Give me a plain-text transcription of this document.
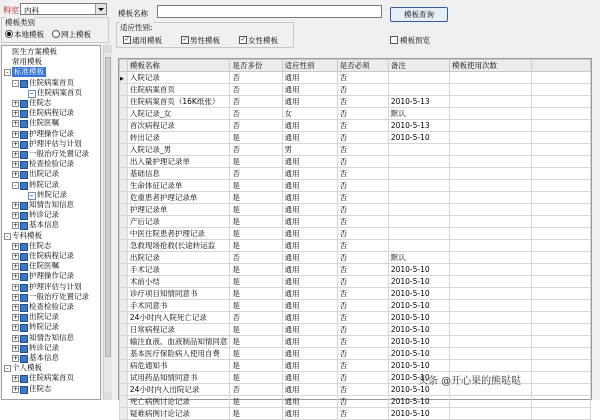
科室 内科
模板类别
本地模板 网上模板
医生方案模板
常用模板
- 标准模板
-	住院病案首页
住院病案首页
+ 住院志
+ 住院病程记录
+ 住院医嘱
+ 护理操作记录
+ 护理评估与计划
+ 一般治疗处置记录
+ 检查检验记录
+ 出院记录
-	转院记录
转院记录
+ 知情告知信息
+ 转诊记录
+ 基本信息
- 专科模板
+ 住院志
+ 住院病程记录
+ 住院医嘱
+ 护理操作记录
+ 护理评估与计划
+ 一般治疗处置记录
+ 检查检验记录
+ 出院记录
+ 转院记录
+ 知情告知信息
+ 转诊记录
+ 基本信息
- 个人模板
+ 住院病案首页
+ 住院志
模板名称	模板查询
适应性别:
✓ 通用模板	✓ 男性模板	✓ 女性模板	模板预览
	模板名称	是否多份	适应性别	是否必须	备注	模板使用次数	
▶	入院记录	否	通用	否			
	住院病案首页	否	通用	否			
	住院病案首页（16K纸张）	否	通用	否	2010-5-13		
	入院记录_女	否	女	否	默认		
	首次病程记录	否	通用	否	2010-5-13		
	转出记录	是	通用	否	2010-5-10		
	入院记录_男	否	男	否			
	出入量护理记录单	是	通用	否			
	基础信息	否	通用	否			
	生命体征记录单	是	通用	否			
	危重患者护理记录单	是	通用	否			
	护理记录单	是	通用	否			
	产后记录	是	通用	否			
	中医住院患者护理记录	是	通用	否			
	急救现场抢救(长途转运监	是	通用	否			
	出院记录	否	通用	否	默认		
	手术记录	是	通用	否	2010-5-10		
	术前小结	是	通用	否	2010-5-10		
	诊疗项目知情同意书	是	通用	否	2010-5-10		
	手术同意书	是	通用	否	2010-5-10		
	24小时内入院死亡记录	否	通用	否	2010-5-10		
	日常病程记录	是	通用	否	2010-5-10		
	输注血液、血液制品知情同意	是	通用	否	2010-5-10		
	基本医疗保险病人使用自费	是	通用	否	2010-5-10		
	病危通知书	是	通用	否	2010-5-10		
	试用药品知情同意书	是	通用	否	2010-5-10		
	24小时内入出院记录	否	通用	否	2010-5-10		
	死亡病例讨论记录	是	通用	否	2010-5-10		
	疑难病例讨论记录	是	通用	否	2010-5-10		
头条 @开心果的熊哒哒
